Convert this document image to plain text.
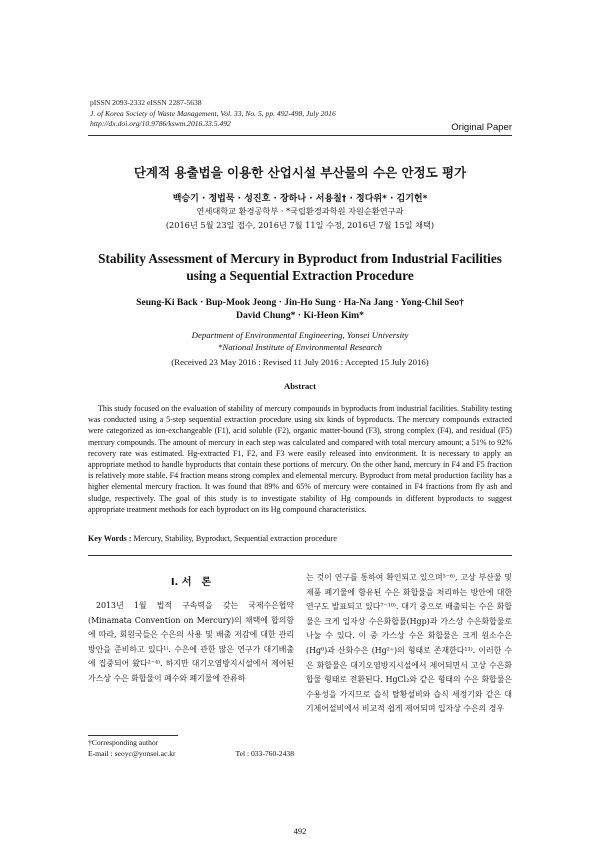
pISSN 2093-2332 eISSN 2287-5638
J. of Korea Society of Waste Management, Vol. 33, No. 5, pp. 492-498, July 2016
http://dx.doi.org/10.9786/kswm.2016.33.5.492	Original Paper
단계적 용출법을 이용한 산업시설 부산물의 수은 안정도 평가
백승기 · 정법묵 · 성진호 · 장하나 · 서용칠† · 정다위* · 김기헌*
연세대학교 환경공학부 · *국립환경과학원 자원순환연구과
(2016년 5월 23일 접수, 2016년 7월 11일 수정, 2016년 7월 15일 채택)
Stability Assessment of Mercury in Byproduct from Industrial Facilities
using a Sequential Extraction Procedure
Seung-Ki Back · Bup-Mook Jeong · Jin-Ho Sung · Ha-Na Jang · Yong-Chil Seo†
David Chung* · Ki-Heon Kim*
Department of Environmental Engineering, Yonsei University
*National Institute of Environmental Research
(Received 23 May 2016 : Revised 11 July 2016 : Accepted 15 July 2016)
Abstract
This study focused on the evaluation of stability of mercury compounds in byproducts from industrial facilities. Stability testing was conducted using a 5-step sequential extraction procedure using six kinds of byproducts. The mercury compounds extracted were categorized as ion-exchangeable (F1), acid soluble (F2), organic matter-bound (F3), strong complex (F4), and residual (F5) mercury compounds. The amount of mercury in each step was calculated and compared with total mercury amount; a 51% to 92% recovery rate was estimated. Hg-extracted F1, F2, and F3 were easily released into environment. It is necessary to apply an appropriate method to handle byproducts that contain these portions of mercury. On the other hand, mercury in F4 and F5 fraction is relatively more stable. F4 fraction means strong complex and elemental mercury. Byproduct from metal production facility has a higher elemental mercury fraction. It was found that 89% and 65% of mercury were contained in F4 fractions from fly ash and sludge, respectively. The goal of this study is to investigate stability of Hg compounds in different byproducts to suggest appropriate treatment methods for each byproduct on its Hg compound characteristics.
Key Words : Mercury, Stability, Byproduct, Sequential extraction procedure
I. 서　론
2013년 1월 법적 구속력을 갖는 국제수은협약(Minamata Convention on Mercury)의 채택에 합의함에 따라, 회원국들은 수은의 사용 및 배출 저감에 대한 관리방안을 준비하고 있다¹⁾. 수은에 관한 많은 연구가 대기배출에 집중되어 왔다²⁻⁴⁾. 하지만 대기오염방지시설에서 제어된 가스상 수은 화합물이 폐수와 폐기물에 잔류하
는 것이 연구를 통하여 확인되고 있으며⁵⁻⁶⁾, 고상 부산물 및 제품 폐기물에 함유된 수은 화합물을 처리하는 방안에 대한 연구도 발표되고 있다⁷⁻¹⁰⁾. 대기 중으로 배출되는 수은 화합물은 크게 입자상 수은화합물(Hgp)과 가스상 수은화합물로 나눌 수 있다. 이 중 가스상 수은 화합물은 크게 원소수은 (Hg⁰)과 산화수은 (Hg²⁺)의 형태로 존재한다¹¹⁾. 이러한 수은 화합물은 대기오염방지시설에서 제어되면서 고상 수은화합물 형태로 전환된다. HgCl₂와 같은 형태의 수은 화합물은 수용성을 가지므로 습식 탈황설비와 습식 세정기와 같은 대기제어설비에서 비교적 쉽게 제어되며 입자상 수은의 경우
†Corresponding author
E-mail : seoyc@yonsei.ac.kr	Tel : 033-760-2438
492
